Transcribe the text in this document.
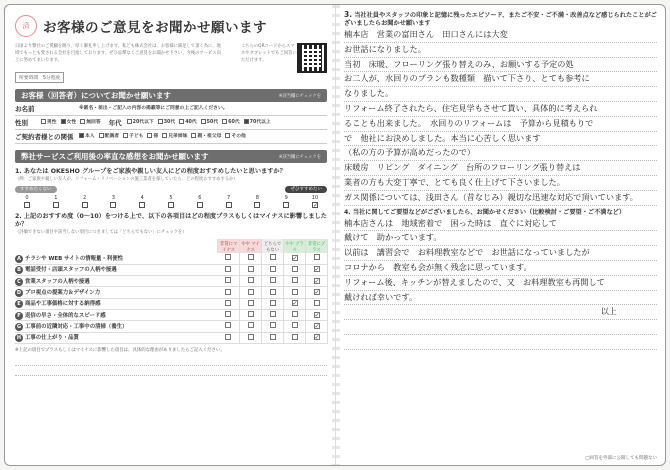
済	お客様のご意見をお聞かせ願います
日頃より弊社のご愛顧を賜り、厚く御礼申し上げます。私ども株式会社は、お客様に満足して頂く為に、地域でもっとも愛される会社を目指しております。ぜひ忌憚なくご意見をお聞かせ下さい。今後のサービス向上に努めてまいります。
所要時間　5分程度
こちらのQRコードからスマホやタブレットでもご回答いただけます。
お客様（回答者）についてお聞かせ願います	※該当欄にチェックを
お名前	※匿名・差出・ご記入の内容の掲載等にご同意の上ご記入ください。
性別	男性	女性	無回答 年代	20代以下	30代	40代	50代	60代	70代以上
ご契約者様との関係	本人	配偶者	子ども	孫	兄弟姉妹	親・祖父母	その他
弊社サービスご利用後の率直な感想をお聞かせ願います	※該当欄にチェックを
1. あなたは OKESHO グループをご家族や親しい友人にどの程度おすすめしたいと思いますか？
（例：ご家族や親しい友人が、リフォーム・リノベーションの施工業者を探していたら、どの程度おすすめするか）
すすめたくない	ぜひすすめたい
0	1	2	3	4	5	6	7	8	9	10
✓
2. 上記のおすすめ度（0〜10）をつける上で、以下の各項目はどの程度プラスもしくはマイナスに影響しましたか？
（評価できない項目や該当しない項目につきましては「どちらでもない」にチェックを）
	非常にマイナス	やや マイナス	どちらでもない	やや プラス	非常にプラス
A チラシや WEB サイトの情報量・利便性				✓	
B 電話受付・店頭スタッフの人柄や接遇					✓
C 営業スタッフの人柄や接遇					✓
D プロ視点の提案力＆デザイン力					✓
E 商品や工事価格に対する納得感				✓	
F 返信の早さ・全体的なスピード感					✓
G 工事前の近隣対応・工事中の清掃（養生）					✓
H 工事の仕上がり・品質					✓
※上記の項目でプラスもしくはマイナスに影響した項目は、具体的な理由がありましたらご記入ください。
3. 当社社員やスタッフの印象と記憶に残ったエピソード、またご不安・ご不満・改善点など感じられたことがございましたらお聞かせ願います
楠本店　営業の富田さん　田口さんには大変
お世話になりました。
当初　床暖、フローリング張り替えのみ、お願いする予定の処
お二人が、水回りのプランも数種類　描いて下さり、とても参考に
なりました。
リフォーム終了されたら、住宅見学もさせて貰い、具体的に考えられ
ることも出来ました。　水回りのリフォームは　予算から見積もりで
で　他社にお決めしました。本当に心苦しく思います
（私の方の予算が高めだったので）
床暖房　リビング　ダイニング　台所のフローリング張り替えは
業者の方も大変丁寧で、とても良く仕上げて下さいました。
ガス関係については、浅田さん（昔なじみ）親切な迅速な対応で頂いています。
4. 当社に関してご要望などがございましたら、お聞かせください（比較検討・ご要望・ご不満など）
楠本店さんは　地域密着で　困った時は　直ぐに対応して
戴けて　助かっています。
以前は　講習会で　お料理教室などで　お世話になっていましたが
コロナから　教室も会が無く残念に思っています。
リフォーム後、キッチンが替えましたので、又　お料理教室も再開して
戴ければ幸いです。
以上

□回答を外部に公開しても問題ない
